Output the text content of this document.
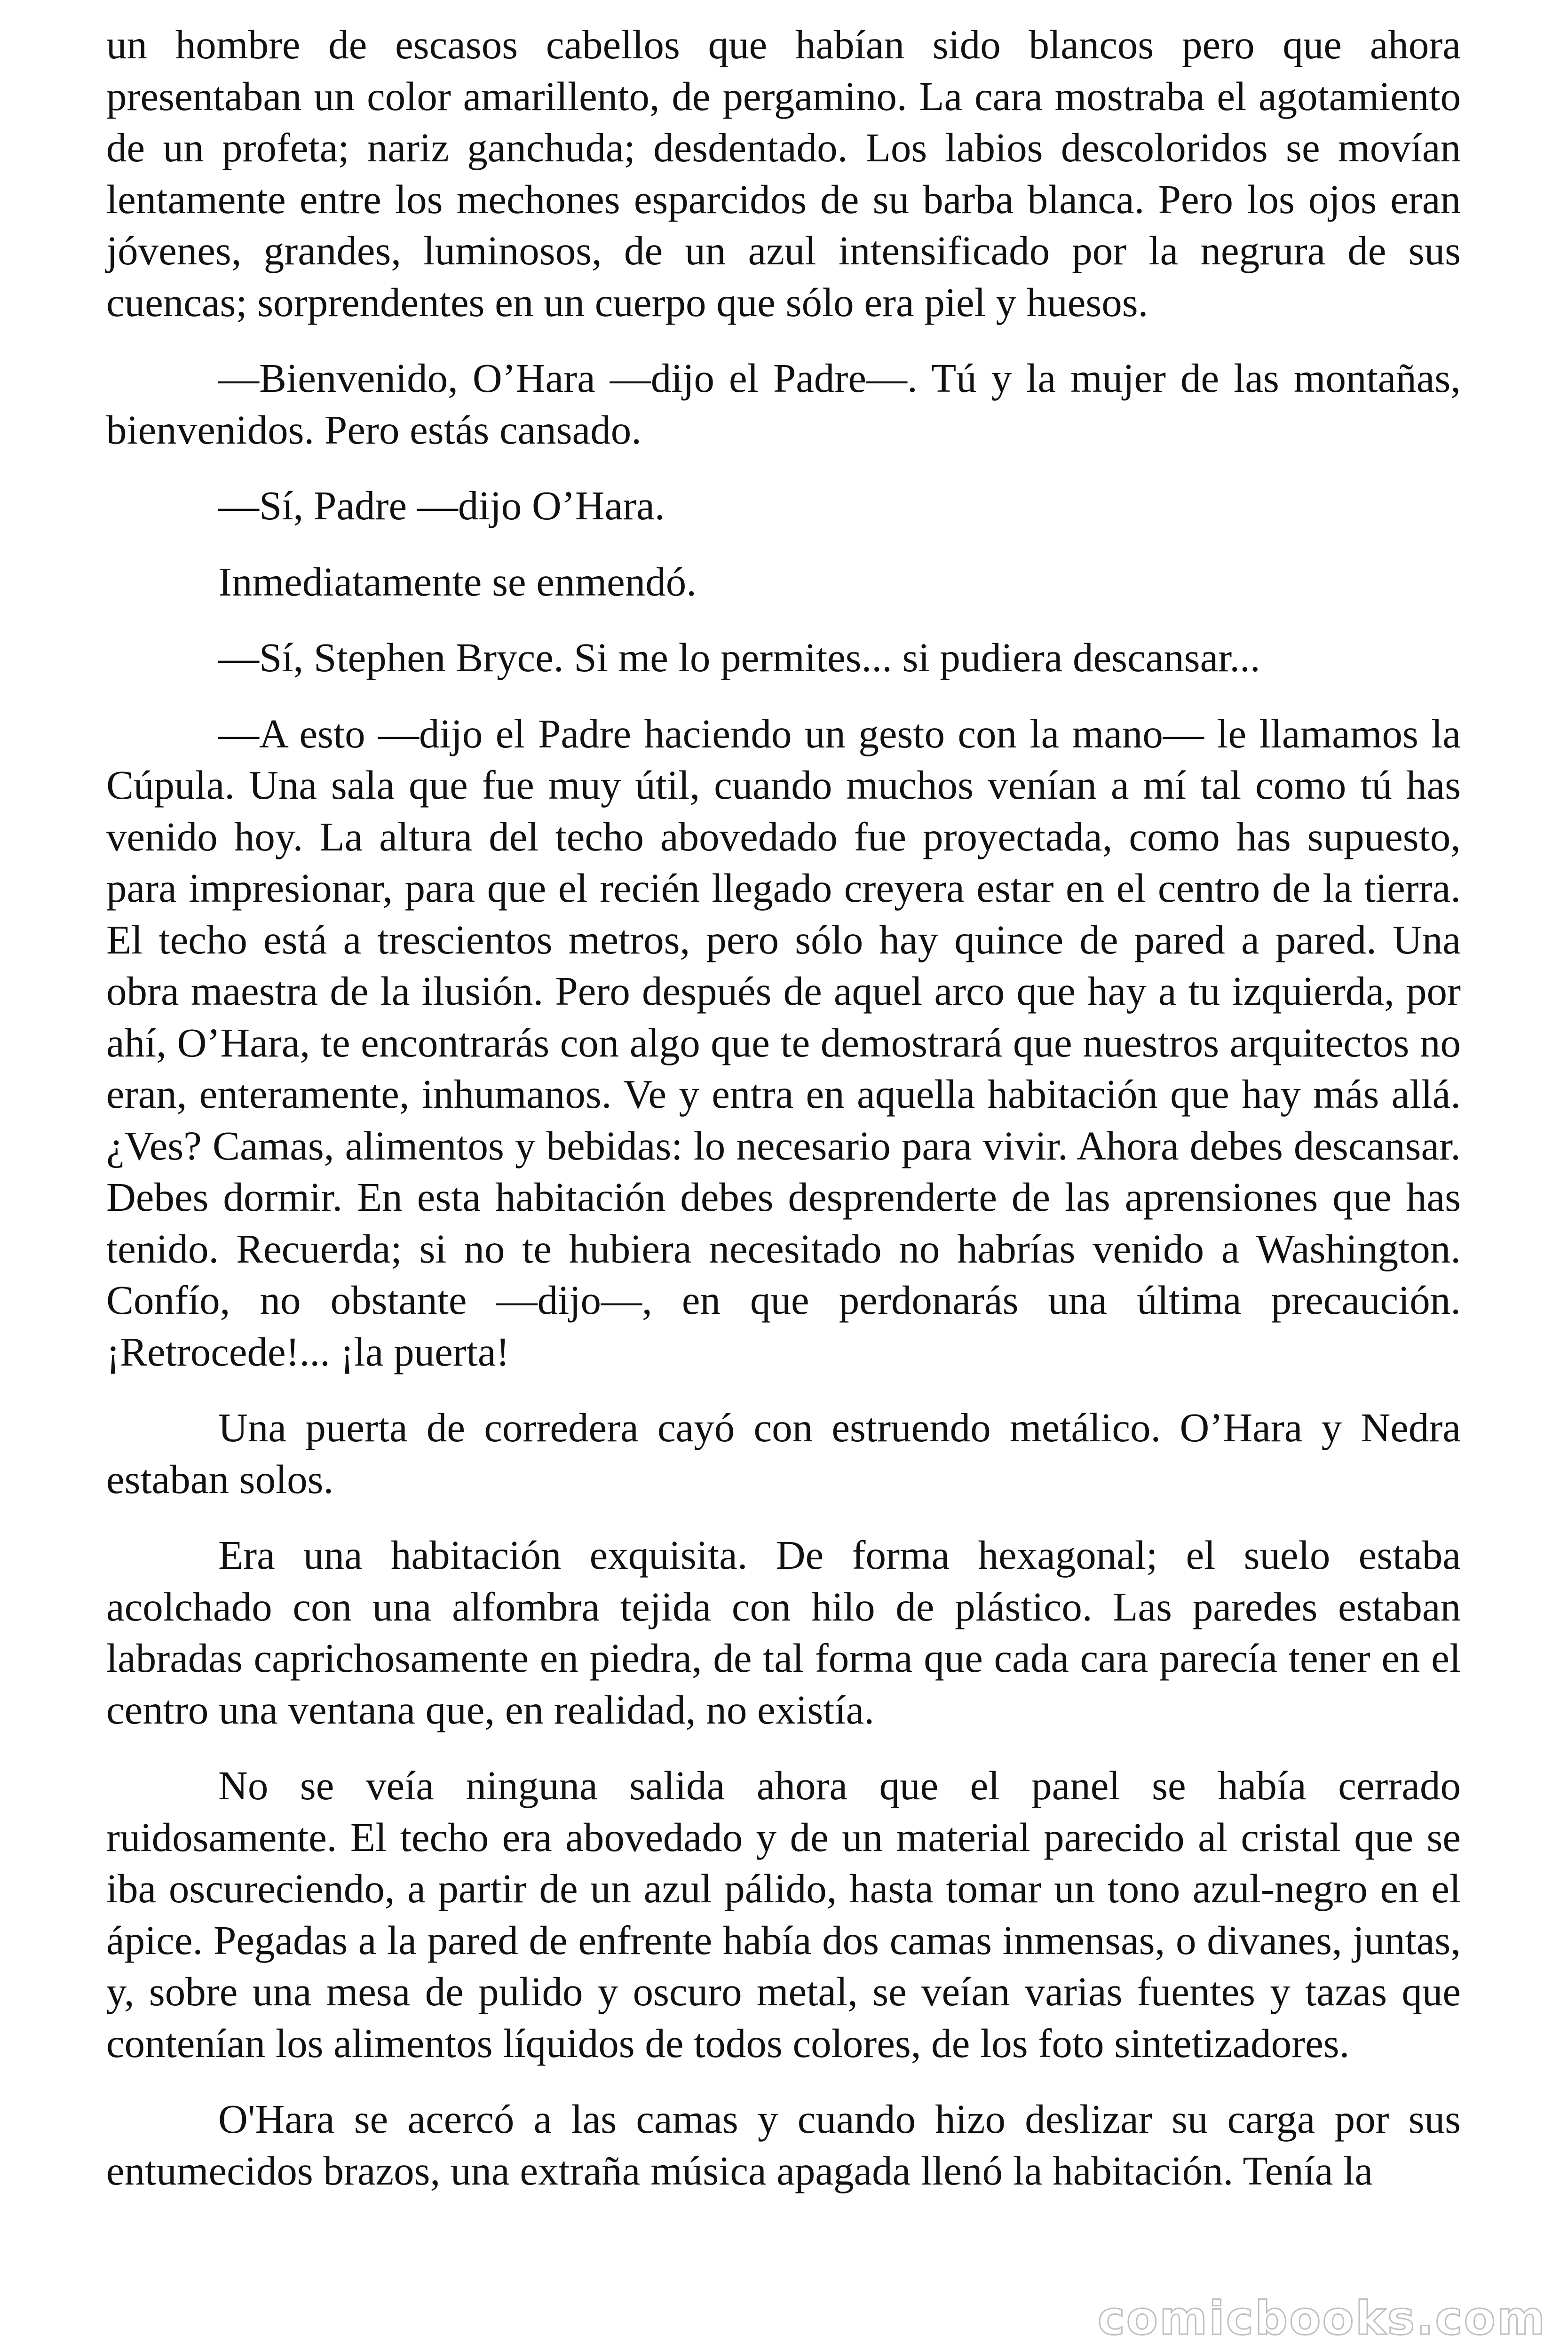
un hombre de escasos cabellos que habían sido blancos pero que ahora presentaban un color amarillento, de pergamino. La cara mostraba el agotamiento de un profeta; nariz ganchuda; desdentado. Los labios descoloridos se movían lentamente entre los mechones esparcidos de su barba blanca. Pero los ojos eran jóvenes, grandes, luminosos, de un azul intensificado por la negrura de sus cuencas; sorprendentes en un cuerpo que sólo era piel y huesos.

—Bienvenido, O’Hara —dijo el Padre—. Tú y la mujer de las montañas, bienvenidos. Pero estás cansado.

—Sí, Padre —dijo O’Hara.

Inmediatamente se enmendó.

—Sí, Stephen Bryce. Si me lo permites... si pudiera descansar...

—A esto —dijo el Padre haciendo un gesto con la mano— le llamamos la Cúpula. Una sala que fue muy útil, cuando muchos venían a mí tal como tú has venido hoy. La altura del techo abovedado fue proyectada, como has supuesto, para impresionar, para que el recién llegado creyera estar en el centro de la tierra. El techo está a trescientos metros, pero sólo hay quince de pared a pared. Una obra maestra de la ilusión. Pero después de aquel arco que hay a tu izquierda, por ahí, O’Hara, te encontrarás con algo que te demostrará que nuestros arquitectos no eran, enteramente, inhumanos. Ve y entra en aquella habitación que hay más allá. ¿Ves? Camas, alimentos y bebidas: lo necesario para vivir. Ahora debes descansar. Debes dormir. En esta habitación debes desprenderte de las aprensiones que has tenido. Recuerda; si no te hubiera necesitado no habrías venido a Washington. Confío, no obstante —dijo—, en que perdonarás una última precaución. ¡Retrocede!... ¡la puerta!

Una puerta de corredera cayó con estruendo metálico. O’Hara y Nedra estaban solos.

Era una habitación exquisita. De forma hexagonal; el suelo estaba acolchado con una alfombra tejida con hilo de plástico. Las paredes estaban labradas caprichosamente en piedra, de tal forma que cada cara parecía tener en el centro una ventana que, en realidad, no existía.

No se veía ninguna salida ahora que el panel se había cerrado ruidosamente. El techo era abovedado y de un material parecido al cristal que se iba oscureciendo, a partir de un azul pálido, hasta tomar un tono azul-negro en el ápice. Pegadas a la pared de enfrente había dos camas inmensas, o divanes, juntas, y, sobre una mesa de pulido y oscuro metal, se veían varias fuentes y tazas que contenían los alimentos líquidos de todos colores, de los foto sintetizadores.

O'Hara se acercó a las camas y cuando hizo deslizar su carga por sus entumecidos brazos, una extraña música apagada llenó la habitación. Tenía la

comicbooks.com
